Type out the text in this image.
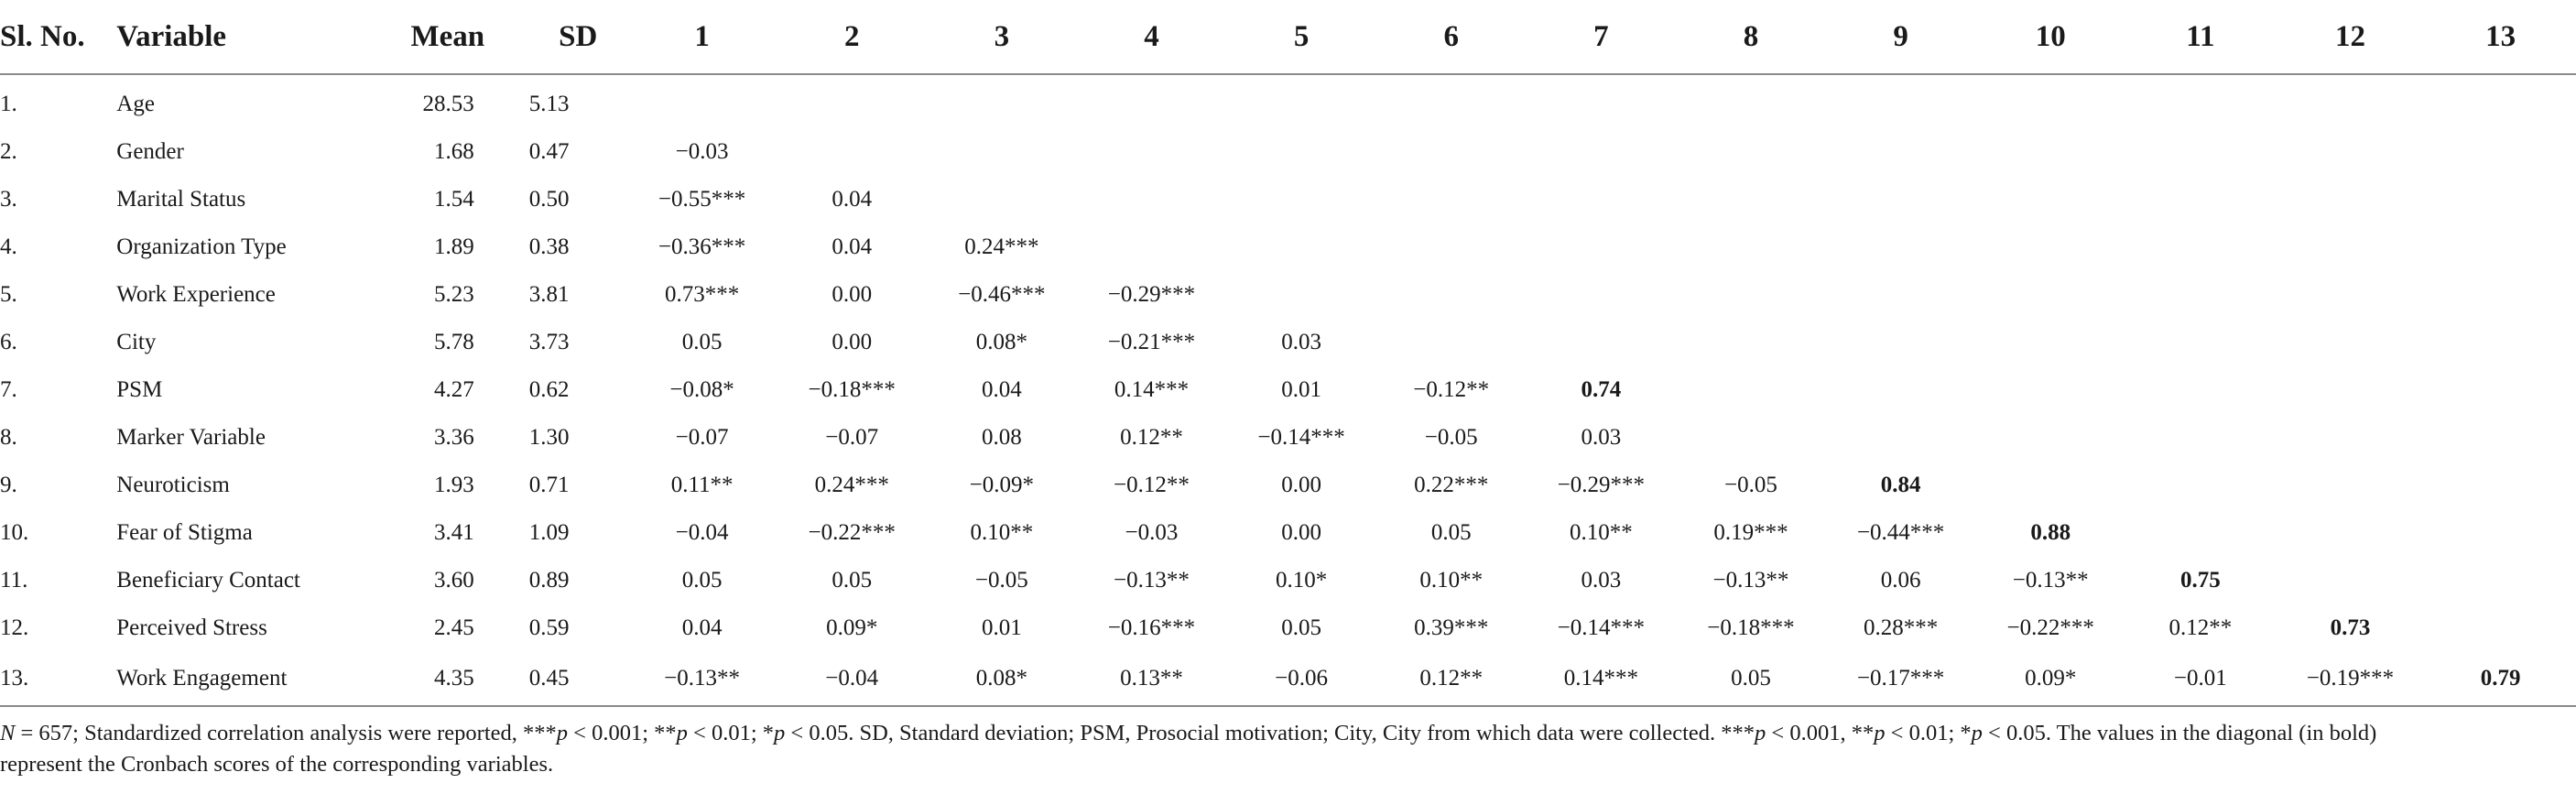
Sl. No.	Variable	Mean	SD	1	2	3	4	5	6	7	8	9	10	11	12	13
1.	Age	28.53	5.13													
2.	Gender	1.68	0.47	−0.03												
3.	Marital Status	1.54	0.50	−0.55***	0.04											
4.	Organization Type	1.89	0.38	−0.36***	0.04	0.24***										
5.	Work Experience	5.23	3.81	0.73***	0.00	−0.46***	−0.29***									
6.	City	5.78	3.73	0.05	0.00	0.08*	−0.21***	0.03								
7.	PSM	4.27	0.62	−0.08*	−0.18***	0.04	0.14***	0.01	−0.12**	0.74						
8.	Marker Variable	3.36	1.30	−0.07	−0.07	0.08	0.12**	−0.14***	−0.05	0.03						
9.	Neuroticism	1.93	0.71	0.11**	0.24***	−0.09*	−0.12**	0.00	0.22***	−0.29***	−0.05	0.84				
10.	Fear of Stigma	3.41	1.09	−0.04	−0.22***	0.10**	−0.03	0.00	0.05	0.10**	0.19***	−0.44***	0.88			
11.	Beneficiary Contact	3.60	0.89	0.05	0.05	−0.05	−0.13**	0.10*	0.10**	0.03	−0.13**	0.06	−0.13**	0.75		
12.	Perceived Stress	2.45	0.59	0.04	0.09*	0.01	−0.16***	0.05	0.39***	−0.14***	−0.18***	0.28***	−0.22***	0.12**	0.73	
13.	Work Engagement	4.35	0.45	−0.13**	−0.04	0.08*	0.13**	−0.06	0.12**	0.14***	0.05	−0.17***	0.09*	−0.01	−0.19***	0.79
N = 657; Standardized correlation analysis were reported, ***p < 0.001; **p < 0.01; *p < 0.05. SD, Standard deviation; PSM, Prosocial motivation; City, City from which data were collected. ***p < 0.001, **p < 0.01; *p < 0.05. The values in the diagonal (in bold)
represent the Cronbach scores of the corresponding variables.
